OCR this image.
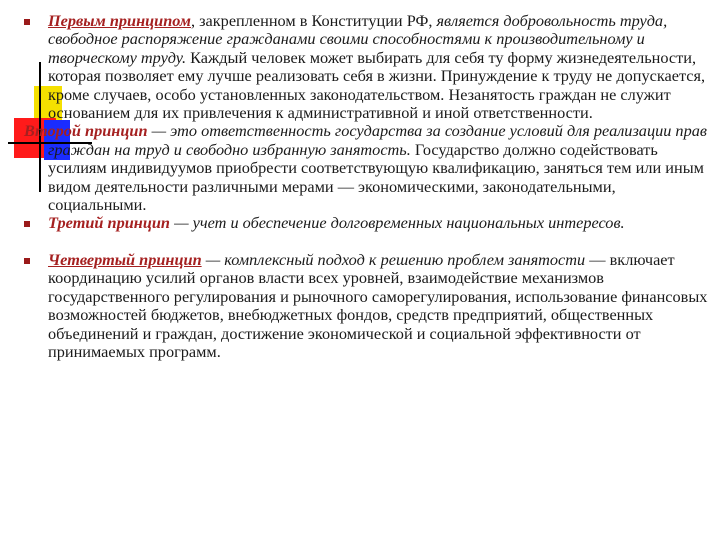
Первым принципом, закрепленном в Конституции РФ, является добровольность труда, свободное распоряжение гражданами своими способностями к производительному и творческому труду. Каждый человек может выбирать для себя ту форму жизнедеятельности, которая позволяет ему лучше реализовать себя в жизни. Принуждение к труду не допускается, кроме случаев, особо установленных законодательством. Незанятость граждан не служит основанием для их привлечения к административной и иной ответственности.
Второй принцип — это ответственность государства за создание условий для реализации прав граждан на труд и свободно избранную занятость. Государство должно содействовать усилиям индивидуумов приобрести соответствующую квалификацию, заняться тем или иным видом деятельности различными мерами — экономическими, законодательными, социальными.
Третий принцип — учет и обеспечение долговременных национальных интересов.
Четвертый принцип — комплексный подход к решению проблем занятости — включает координацию усилий органов власти всех уровней, взаимодействие механизмов государственного регулирования и рыночного саморегулирования, использование финансовых возможностей бюджетов, внебюджетных фондов, средств предприятий, общественных объединений и граждан, достижение экономической и социальной эффективности от принимаемых программ.
